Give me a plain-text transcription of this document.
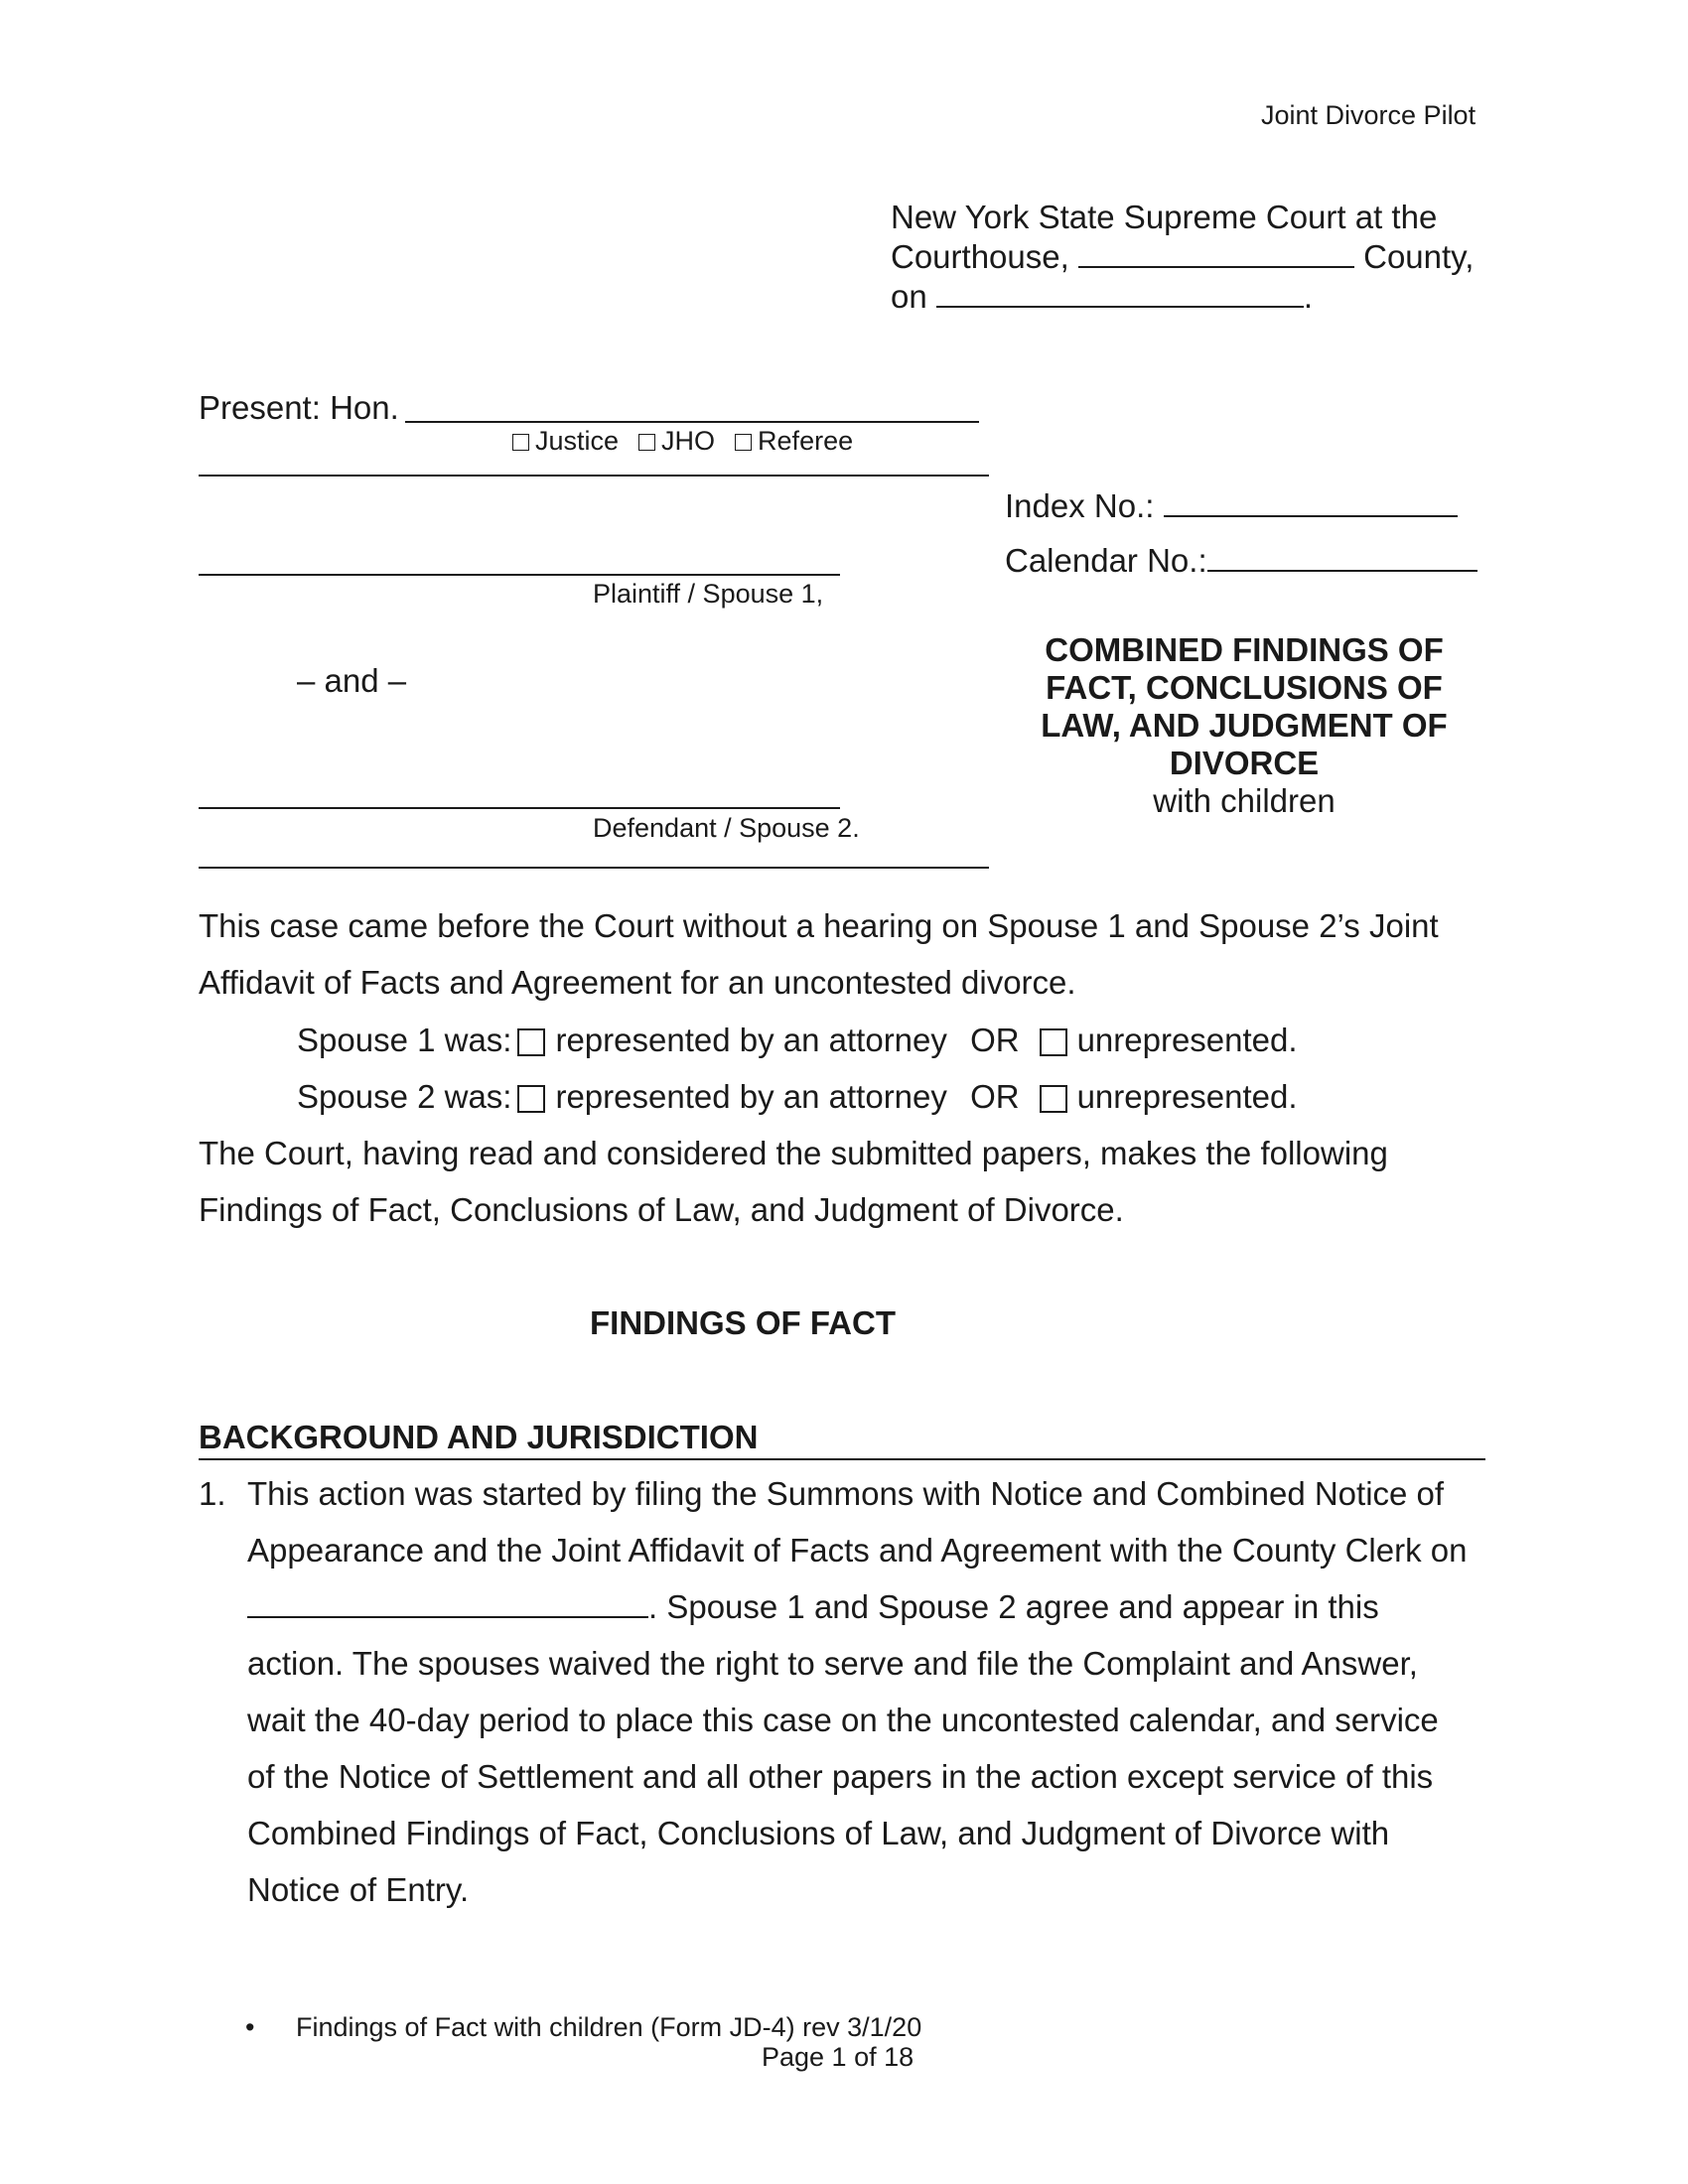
Joint Divorce Pilot
New York State Supreme Court at the
Courthouse,	County,
on	.
Present: Hon.
Justice JHO Referee
Plaintiff / Spouse 1,
– and –
Defendant / Spouse 2.
Index No.:
Calendar No.:
COMBINED FINDINGS OF
FACT, CONCLUSIONS OF
LAW, AND JUDGMENT OF
DIVORCE
with children
This case came before the Court without a hearing on Spouse 1 and Spouse 2’s Joint
Affidavit of Facts and Agreement for an uncontested divorce.
Spouse 1 was: represented by an attorney OR unrepresented.
Spouse 2 was: represented by an attorney OR unrepresented.
The Court, having read and considered the submitted papers, makes the following
Findings of Fact, Conclusions of Law, and Judgment of Divorce.
FINDINGS OF FACT
BACKGROUND AND JURISDICTION
1. This action was started by filing the Summons with Notice and Combined Notice of
Appearance and the Joint Affidavit of Facts and Agreement with the County Clerk on
. Spouse 1 and Spouse 2 agree and appear in this
action. The spouses waived the right to serve and file the Complaint and Answer,
wait the 40-day period to place this case on the uncontested calendar, and service
of the Notice of Settlement and all other papers in the action except service of this
Combined Findings of Fact, Conclusions of Law, and Judgment of Divorce with
Notice of Entry.
• Findings of Fact with children (Form JD-4) rev 3/1/20
Page 1 of 18
